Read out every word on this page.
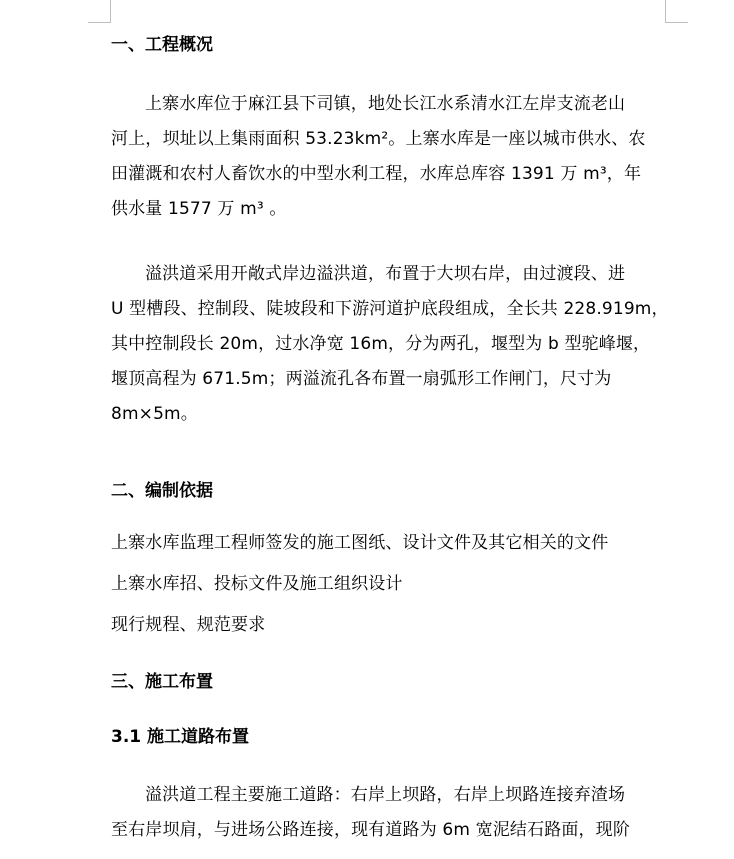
一、工程概况
上寨水库位于麻江县下司镇，地处长江水系清水江左岸支流老山
河上，坝址以上集雨面积 53.23km²。上寨水库是一座以城市供水、农
田灌溉和农村人畜饮水的中型水利工程，水库总库容 1391 万 m³，年
供水量 1577 万 m³ 。
溢洪道采用开敞式岸边溢洪道，布置于大坝右岸，由过渡段、进
U 型槽段、控制段、陡坡段和下游河道护底段组成，全长共 228.919m，
其中控制段长 20m，过水净宽 16m，分为两孔，堰型为 b 型驼峰堰，
堰顶高程为 671.5m；两溢流孔各布置一扇弧形工作闸门，尺寸为
8m×5m。
二、编制依据
上寨水库监理工程师签发的施工图纸、设计文件及其它相关的文件
上寨水库招、投标文件及施工组织设计
现行规程、规范要求
三、施工布置
3.1 施工道路布置
溢洪道工程主要施工道路：右岸上坝路，右岸上坝路连接弃渣场
至右岸坝肩，与进场公路连接，现有道路为 6m 宽泥结石路面，现阶
